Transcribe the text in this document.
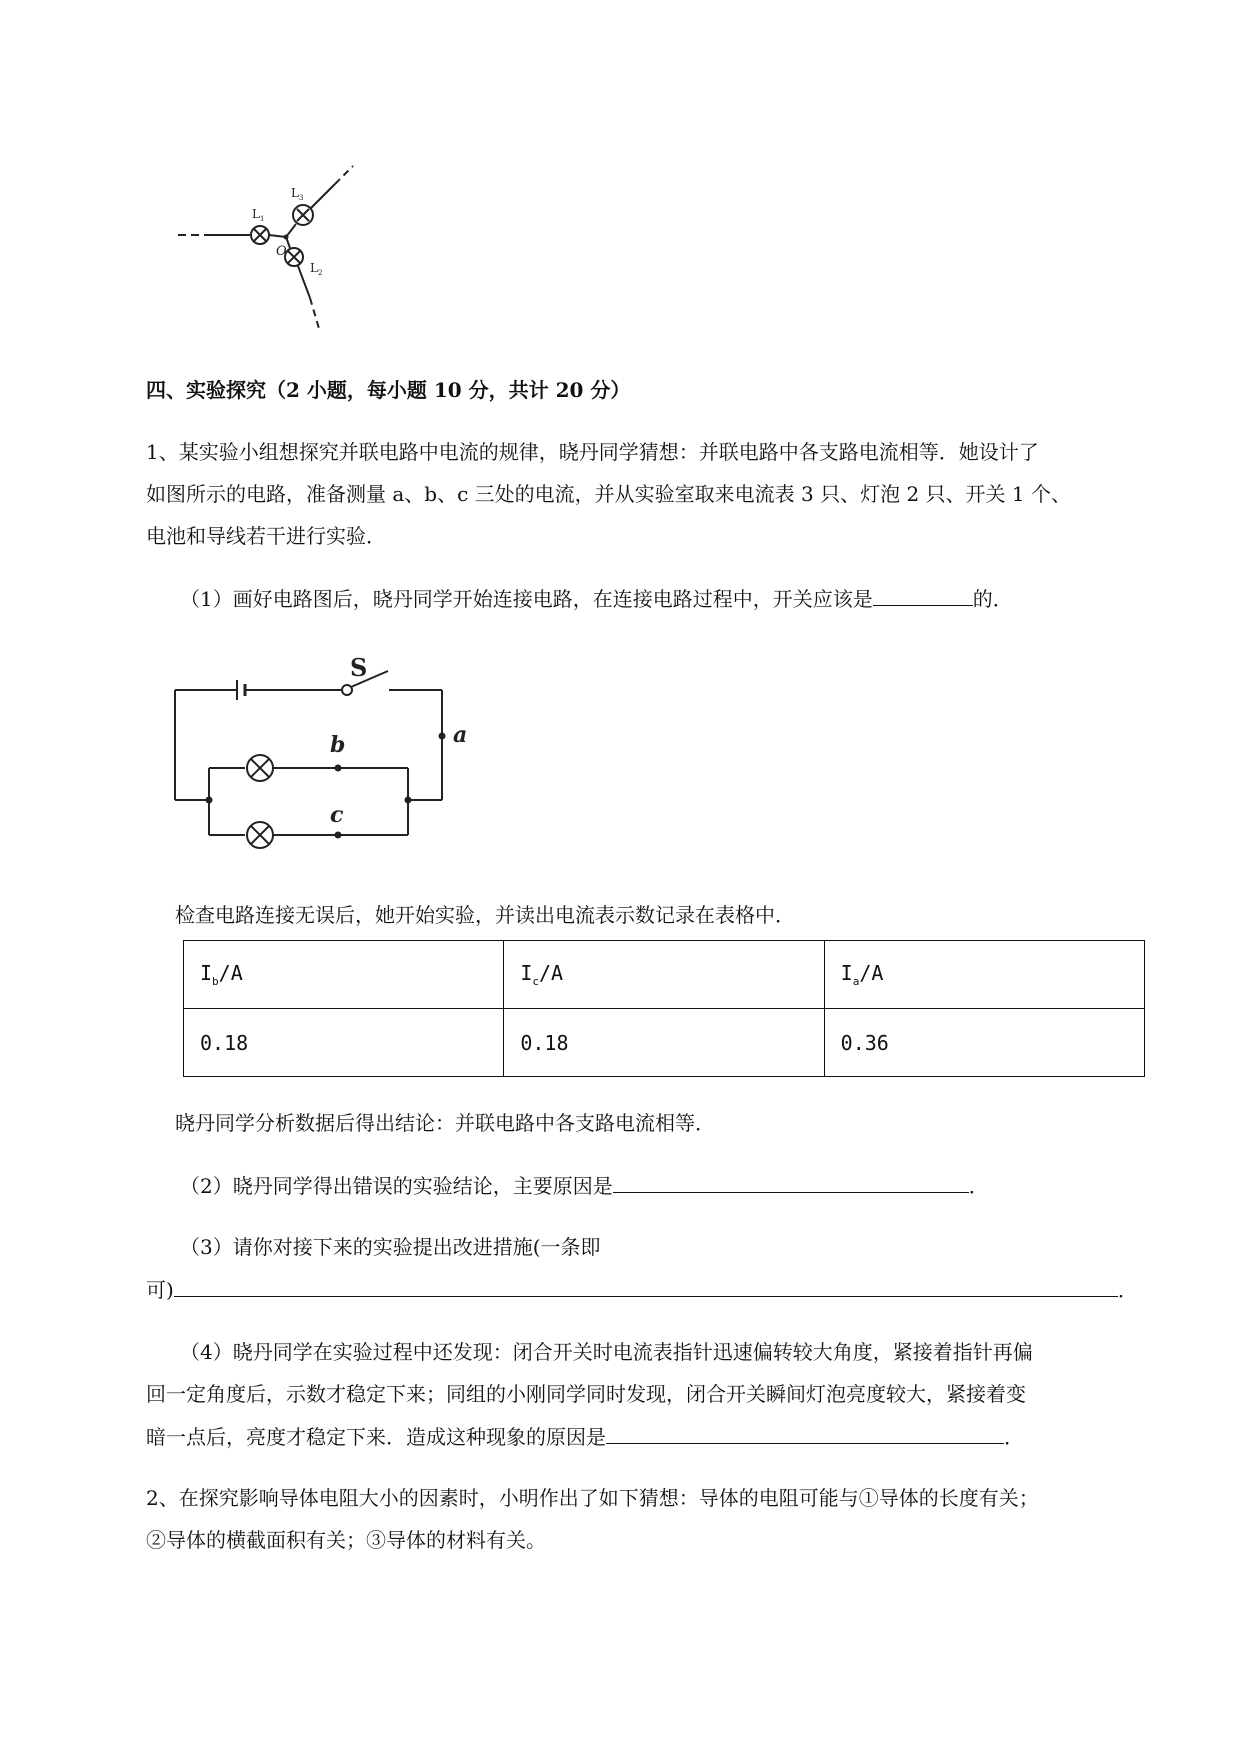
$L_1$
$L_3$
$L_2$
O
四、实验探究（2 小题，每小题 10 分，共计 20 分）
1、某实验小组想探究并联电路中电流的规律，晓丹同学猜想：并联电路中各支路电流相等．她设计了
如图所示的电路，准备测量 a、b、c 三处的电流，并从实验室取来电流表 3 只、灯泡 2 只、开关 1 个、
电池和导线若干进行实验．
（1）画好电路图后，晓丹同学开始连接电路，在连接电路过程中，开关应该是	的．
S
a
b
c
检查电路连接无误后，她开始实验，并读出电流表示数记录在表格中．
$I_b/A$	$I_c/A$	$I_a/A$
0.18	0.18	0.36
晓丹同学分析数据后得出结论：并联电路中各支路电流相等．
（2）晓丹同学得出错误的实验结论，主要原因是	．
（3）请你对接下来的实验提出改进措施(一条即
可)	．
（4）晓丹同学在实验过程中还发现：闭合开关时电流表指针迅速偏转较大角度，紧接着指针再偏
回一定角度后，示数才稳定下来；同组的小刚同学同时发现，闭合开关瞬间灯泡亮度较大，紧接着变
暗一点后，亮度才稳定下来．造成这种现象的原因是	．
2、在探究影响导体电阻大小的因素时，小明作出了如下猜想：导体的电阻可能与①导体的长度有关；
②导体的横截面积有关；③导体的材料有关。
